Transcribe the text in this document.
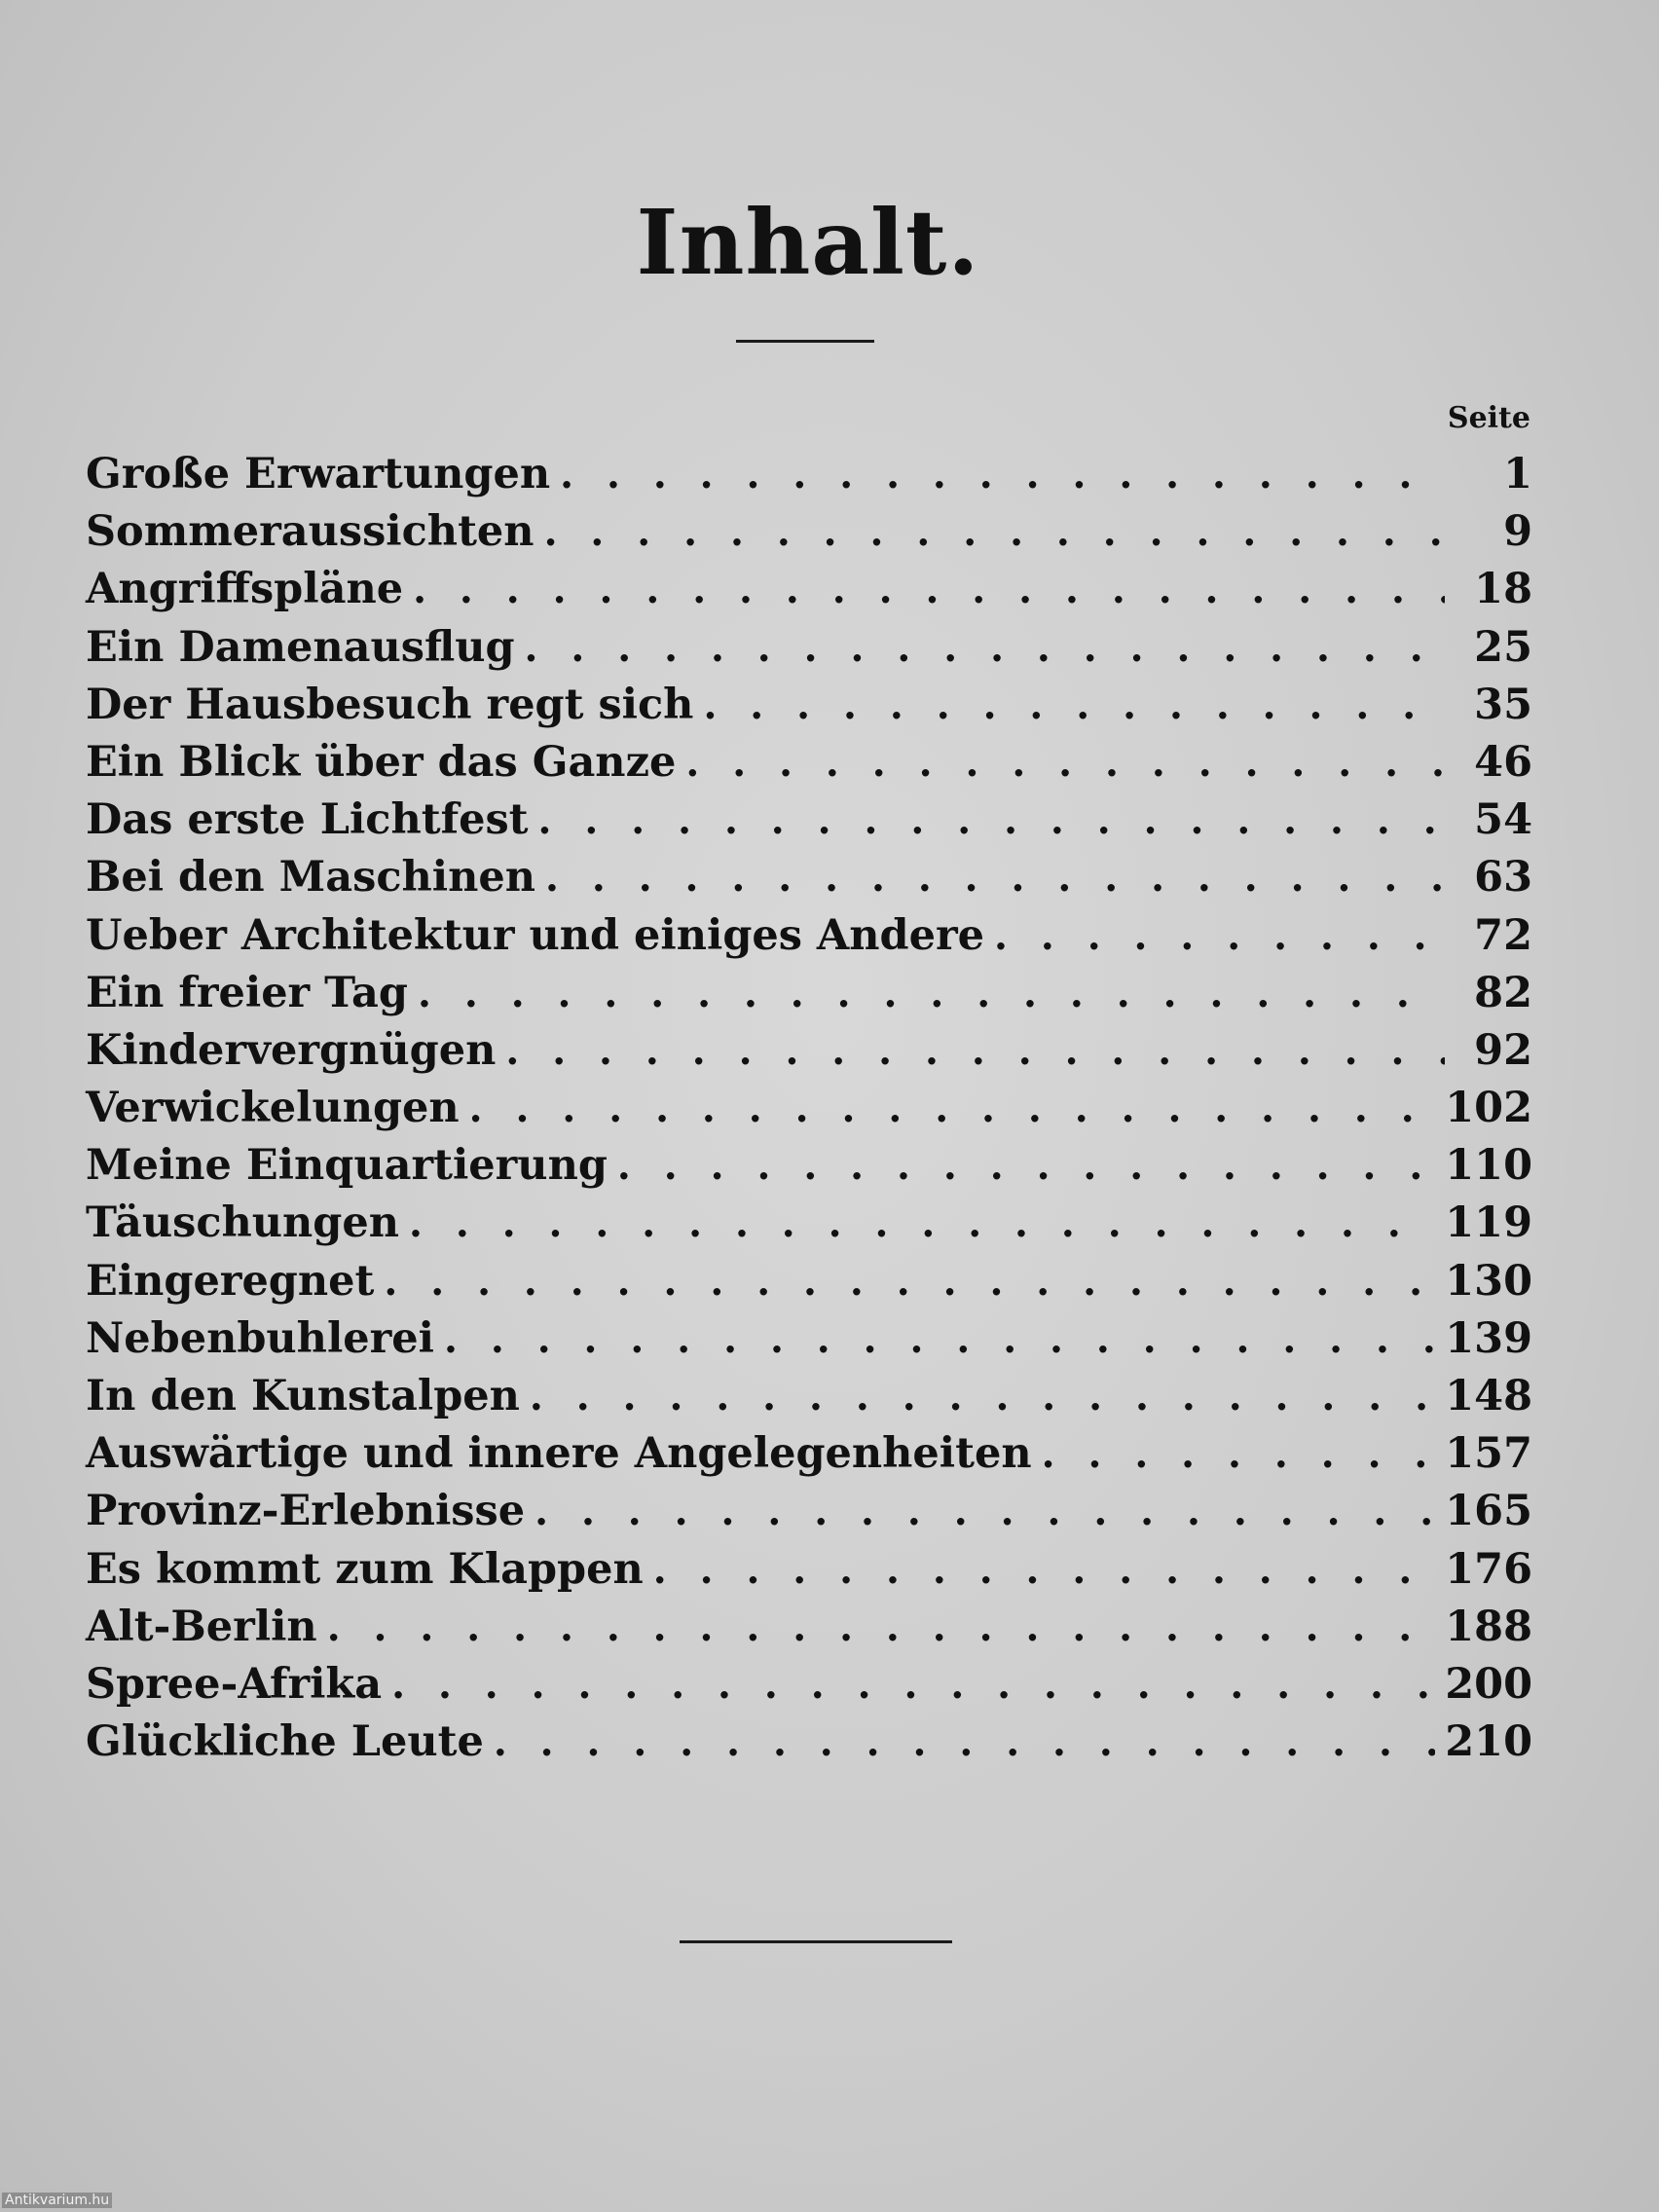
Inhalt.
Seite
Große Erwartungen . . .	1
Sommeraussichten . . .	9
Angriffspläne . . .	18
Ein Damenausflug . . .	25
Der Hausbesuch regt sich . . .	35
Ein Blick über das Ganze . . .	46
Das erste Lichtfest . . .	54
Bei den Maschinen . . .	63
Ueber Architektur und einiges Andere . . .	72
Ein freier Tag . . .	82
Kindervergnügen . . .	92
Verwickelungen . . .	102
Meine Einquartierung . . .	110
Täuschungen . . .	119
Eingeregnet . . .	130
Nebenbuhlerei . . .	139
In den Kunstalpen . . .	148
Auswärtige und innere Angelegenheiten . . .	157
Provinz-Erlebnisse . . .	165
Es kommt zum Klappen . . .	176
Alt-Berlin . . .	188
Spree-Afrika . . .	200
Glückliche Leute . . .	210
Antikvarium.hu
